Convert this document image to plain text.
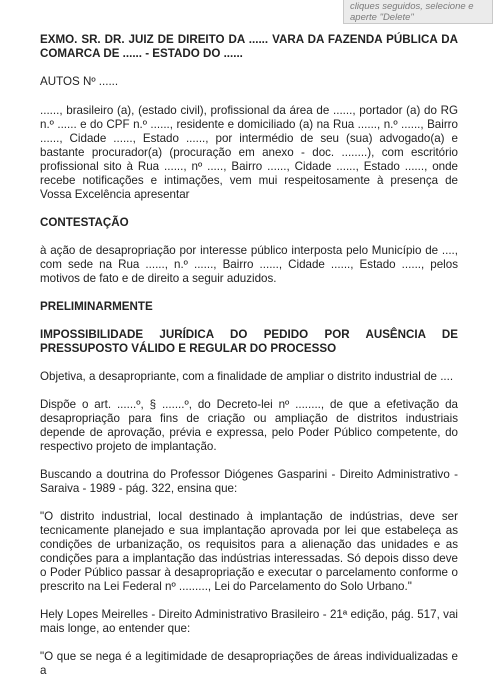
cliques seguidos, selecione e
aperte "Delete"

EXMO. SR. DR. JUIZ DE DIREITO DA ...... VARA DA FAZENDA PÚBLICA DA COMARCA DE ...... - ESTADO DO ......

AUTOS Nº ......

......, brasileiro (a), (estado civil), profissional da área de ......, portador (a) do RG n.º ...... e do CPF n.º ......, residente e domiciliado (a) na Rua ......, n.º ......, Bairro ......, Cidade ......, Estado ......, por intermédio de seu (sua) advogado(a) e bastante procurador(a) (procuração em anexo - doc. ........), com escritório profissional sito à Rua ......, nº ....., Bairro ......, Cidade ......, Estado ......, onde recebe notificações e intimações, vem mui respeitosamente à presença de Vossa Excelência apresentar

CONTESTAÇÃO

à ação de desapropriação por interesse público interposta pelo Município de ...., com sede na Rua ......, n.º ......, Bairro ......, Cidade ......, Estado ......, pelos motivos de fato e de direito a seguir aduzidos.

PRELIMINARMENTE

IMPOSSIBILIDADE JURÍDICA DO PEDIDO POR AUSÊNCIA DE PRESSUPOSTO VÁLIDO E REGULAR DO PROCESSO

Objetiva, a desapropriante, com a finalidade de ampliar o distrito industrial de ....

Dispõe o art. ......º, § .......º, do Decreto-lei nº ........, de que a efetivação da desapropriação para fins de criação ou ampliação de distritos industriais depende de aprovação, prévia e expressa, pelo Poder Público competente, do respectivo projeto de implantação.

Buscando a doutrina do Professor Diógenes Gasparini - Direito Administrativo - Saraiva - 1989 - pág. 322, ensina que:

"O distrito industrial, local destinado à implantação de indústrias, deve ser tecnicamente planejado e sua implantação aprovada por lei que estabeleça as condições de urbanização, os requisitos para a alienação das unidades e as condições para a implantação das indústrias interessadas. Só depois disso deve o Poder Público passar à desapropriação e executar o parcelamento conforme o prescrito na Lei Federal nº ........., Lei do Parcelamento do Solo Urbano."

Hely Lopes Meirelles - Direito Administrativo Brasileiro - 21ª edição, pág. 517, vai mais longe, ao entender que:

"O que se nega é a legitimidade de desapropriações de áreas individualizadas e a
